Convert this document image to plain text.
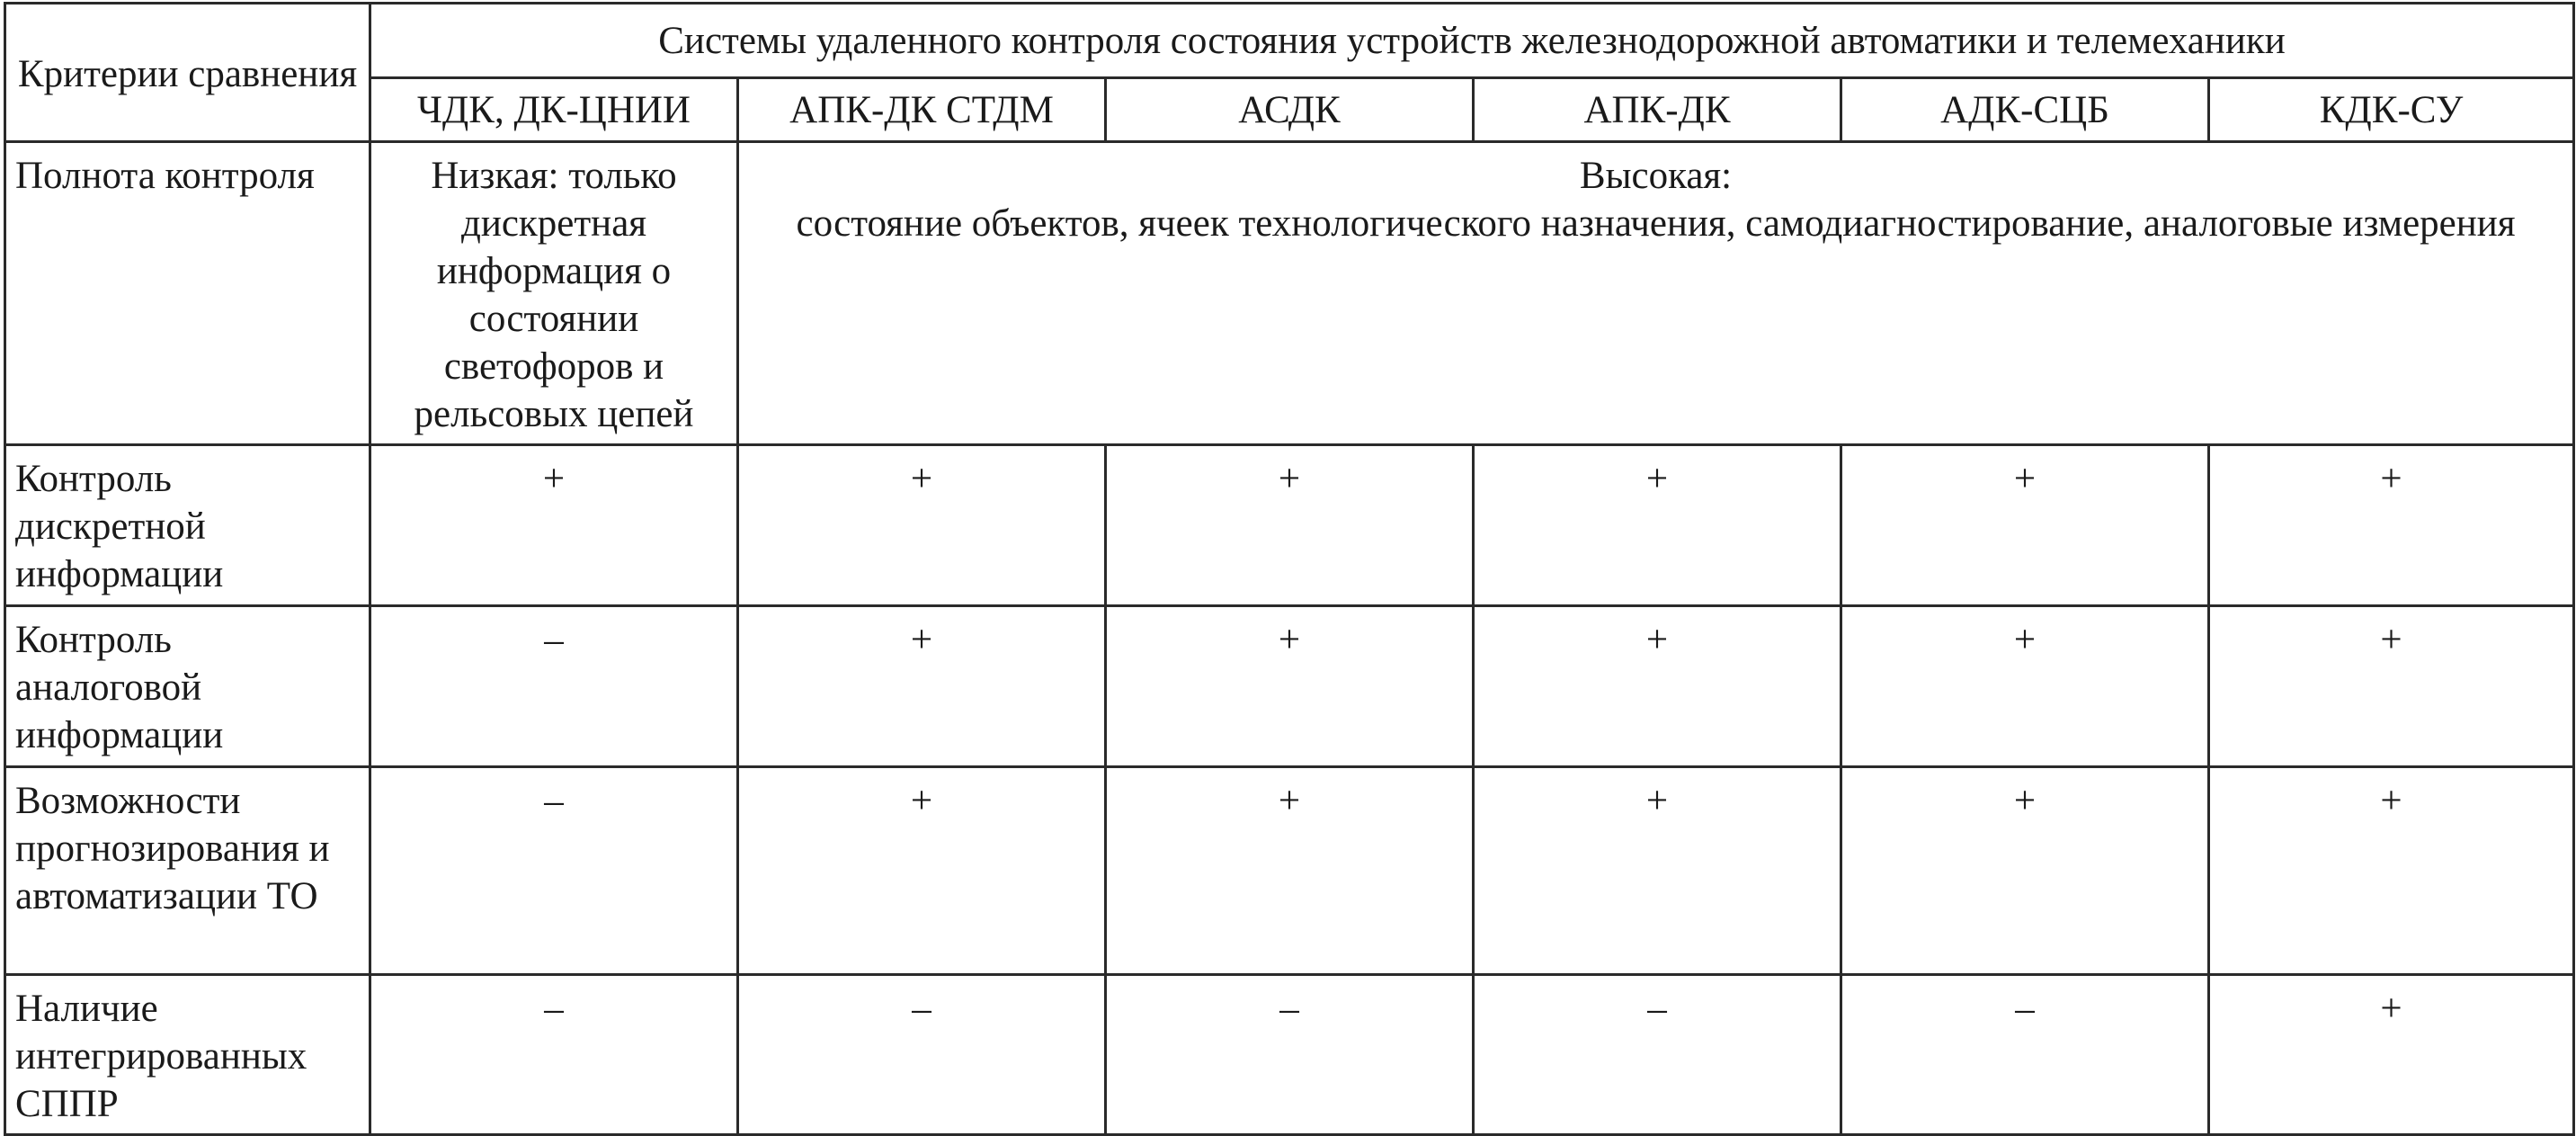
Критерии сравнения	Системы удаленного контроля состояния устройств железнодорожной автоматики и телемеханики					
	ЧДК, ДК-ЦНИИ	АПК-ДК СТДМ	АСДК	АПК-ДК	АДК-СЦБ	КДК-СУ
Полнота контроля	Низкая: только дискретная информация о состоянии светофоров и рельсовых цепей	Высокая:
состояние объектов, ячеек технологического назначения, самодиагностирование, аналоговые измерения				

Контроль дискретной информации	+	+	+	+	+	+
Контроль аналоговой информации	–	+	+	+	+	+
Возможности прогнозирования и автоматизации ТО	–	+	+	+	+	+
Наличие интегрированных СППР	–	–	–	–	–	+
